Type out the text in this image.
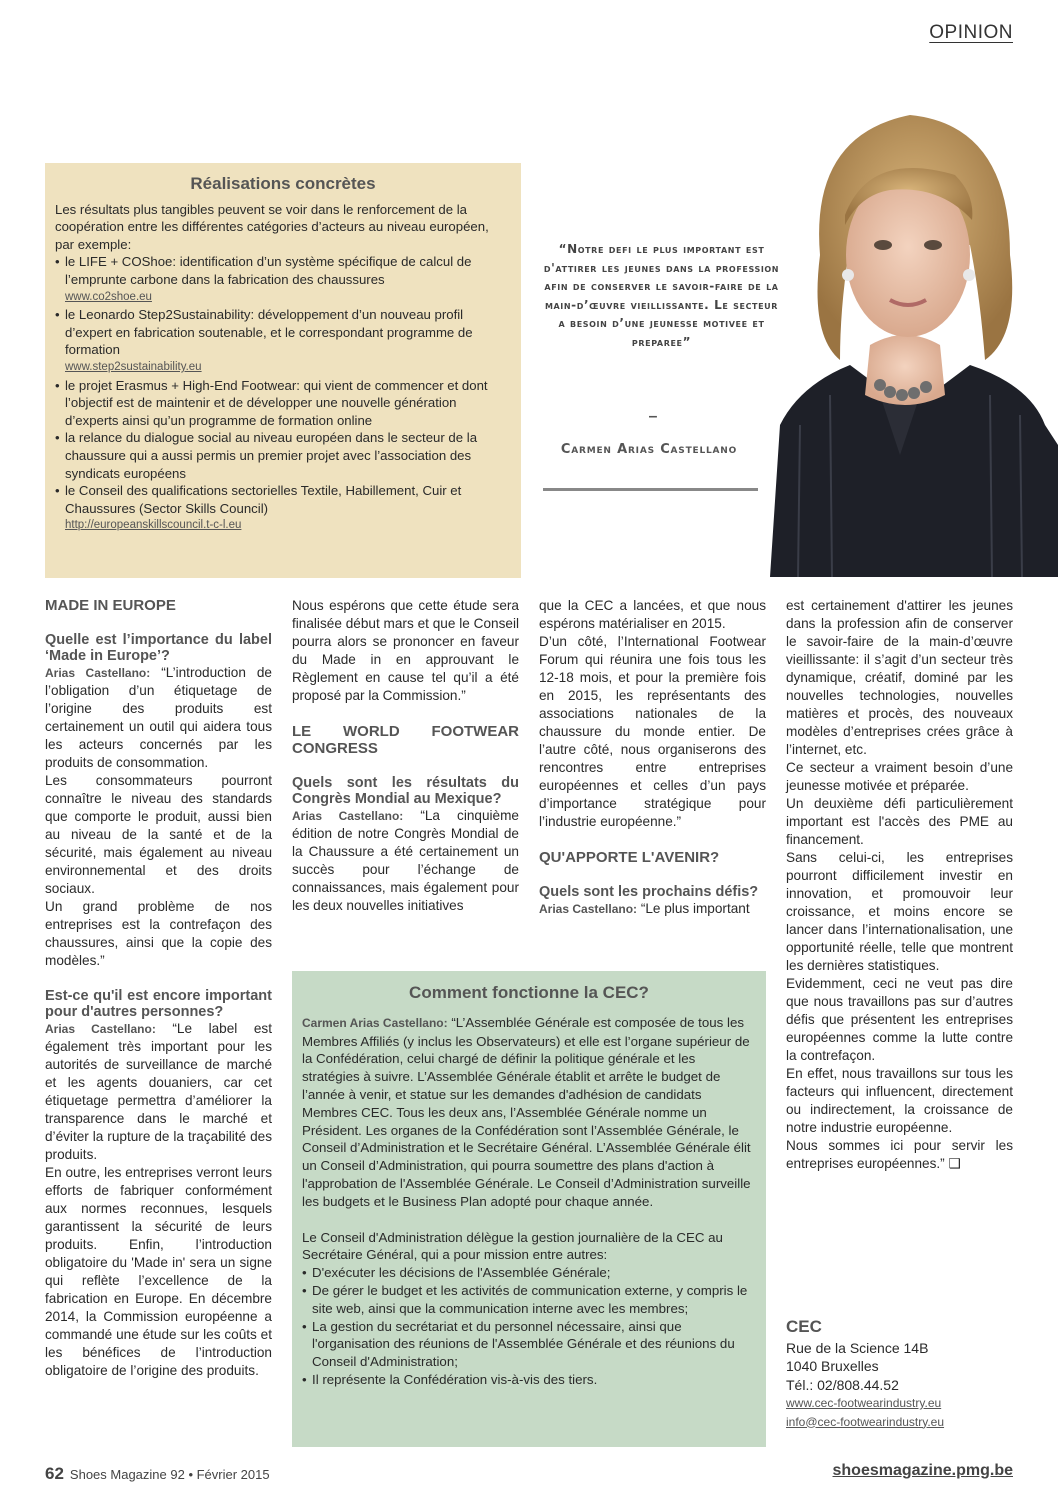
OPINION
Réalisations concrètes

Les résultats plus tangibles peuvent se voir dans le renforcement de la coopération entre les différentes catégories d’acteurs au niveau européen, par exemple:

• le LIFE + COShoe: identification d’un système spécifique de calcul de l’emprunte carbone dans la fabrication des chaussures
www.co2shoe.eu
• le Leonardo Step2Sustainability: développement d’un nouveau profil d’expert en fabrication soutenable, et le correspondant programme de formation
www.step2sustainability.eu
• le projet Erasmus + High-End Footwear: qui vient de commencer et dont l’objectif est de maintenir et de développer une nouvelle génération d’experts ainsi qu’un programme de formation online
• la relance du dialogue social au niveau européen dans le secteur de la chaussure qui a aussi permis un premier projet avec l’association des syndicats européens
• le Conseil des qualifications sectorielles Textile, Habillement, Cuir et Chaussures (Sector Skills Council)
http://europeanskillscouncil.t-c-l.eu
“Notre defi le plus important est d'attirer les jeunes dans la profession afin de conserver le savoir-faire de la main-d’œuvre vieillissante. Le secteur a besoin d’une jeunesse motivee et preparee”
–
Carmen Arias Castellano
MADE IN EUROPE
Quelle est l’importance du label ‘Made in Europe’?

Arias Castellano: “L’introduction de l’obligation d’un étiquetage de l’origine des produits est certainement un outil qui aidera tous les acteurs concernés par les produits de consommation.

Les consommateurs pourront connaître le niveau des standards que comporte le produit, aussi bien au niveau de la santé et de la sécurité, mais également au niveau environnemental et des droits sociaux.

Un grand problème de nos entreprises est la contrefaçon des chaussures, ainsi que la copie des modèles.”

Est-ce qu'il est encore important pour d'autres personnes?

Arias Castellano: “Le label est également très important pour les autorités de surveillance de marché et les agents douaniers, car cet étiquetage permettra d’améliorer la transparence dans le marché et d’éviter la rupture de la traçabilité des produits.

En outre, les entreprises verront leurs efforts de fabriquer conformément aux normes reconnues, lesquels garantissent la sécurité de leurs produits. Enfin, l’introduction obligatoire du 'Made in' sera un signe qui reflète l’excellence de la fabrication en Europe. En décembre 2014, la Commission européenne a commandé une étude sur les coûts et les bénéfices de l’introduction obligatoire de l’origine des produits.

Nous espérons que cette étude sera finalisée début mars et que le Conseil pourra alors se prononcer en faveur du Made in en approuvant le Règlement en cause tel qu’il a été proposé par la Commission.”

LE WORLD FOOTWEAR CONGRESS
Quels sont les résultats du Congrès Mondial au Mexique?

Arias Castellano: “La cinquième édition de notre Congrès Mondial de la Chaussure a été certainement un succès pour l’échange de connaissances, mais également pour les deux nouvelles initiatives

que la CEC a lancées, et que nous espérons matérialiser en 2015.

D’un côté, l’International Footwear Forum qui réunira une fois tous les 12-18 mois, et pour la première fois en 2015, les représentants des associations nationales de la chaussure du monde entier. De l’autre côté, nous organiserons des rencontres entre entreprises européennes et celles d’un pays d’importance stratégique pour l’industrie européenne.”

QU'APPORTE L'AVENIR?
Quels sont les prochains défis?

Arias Castellano: “Le plus important

est certainement d'attirer les jeunes dans la profession afin de conserver le savoir-faire de la main-d’œuvre vieillissante: il s’agit d’un secteur très dynamique, créatif, dominé par les nouvelles technologies, nouvelles matières et procès, des nouveaux modèles d’entreprises crées grâce à l’internet, etc.

Ce secteur a vraiment besoin d’une jeunesse motivée et préparée.

Un deuxième défi particulièrement important est l'accès des PME au financement.

Sans celui-ci, les entreprises pourront difficilement investir en innovation, et promouvoir leur croissance, et moins encore se lancer dans l’internationalisation, une opportunité réelle, telle que montrent les dernières statistiques.

Evidemment, ceci ne veut pas dire que nous travaillons pas sur d’autres défis que présentent les entreprises européennes comme la lutte contre la contrefaçon.

En effet, nous travaillons sur tous les facteurs qui influencent, directement ou indirectement, la croissance de notre industrie européenne.

Nous sommes ici pour servir les entreprises européennes.” ❑

Comment fonctionne la CEC?

Carmen Arias Castellano: “L’Assemblée Générale est composée de tous les Membres Affiliés (y inclus les Observateurs) et elle est l’organe supérieur de la Confédération, celui chargé de définir la politique générale et les stratégies à suivre. L’Assemblée Générale établit et arrête le budget de l’année à venir, et statue sur les demandes d'adhésion de candidats Membres CEC. Tous les deux ans, l’Assemblée Générale nomme un Président. Les organes de la Confédération sont l’Assemblée Générale, le Conseil d’Administration et le Secrétaire Général. L’Assemblée Générale élit un Conseil d’Administration, qui pourra soumettre des plans d'action à l'approbation de l'Assemblée Générale. Le Conseil d’Administration surveille les budgets et le Business Plan adopté pour chaque année.

Le Conseil d'Administration délègue la gestion journalière de la CEC au Secrétaire Général, qui a pour mission entre autres:

• D'exécuter les décisions de l'Assemblée Générale;
• De gérer le budget et les activités de communication externe, y compris le site web, ainsi que la communication interne avec les membres;
• La gestion du secrétariat et du personnel nécessaire, ainsi que l'organisation des réunions de l'Assemblée Générale et des réunions du Conseil d'Administration;
• Il représente la Confédération vis-à-vis des tiers.
CEC
Rue de la Science 14B
1040 Bruxelles
Tél.: 02/808.44.52
www.cec-footwearindustry.eu
info@cec-footwearindustry.eu
62 Shoes Magazine 92 • Février 2015	shoesmagazine.pmg.be
